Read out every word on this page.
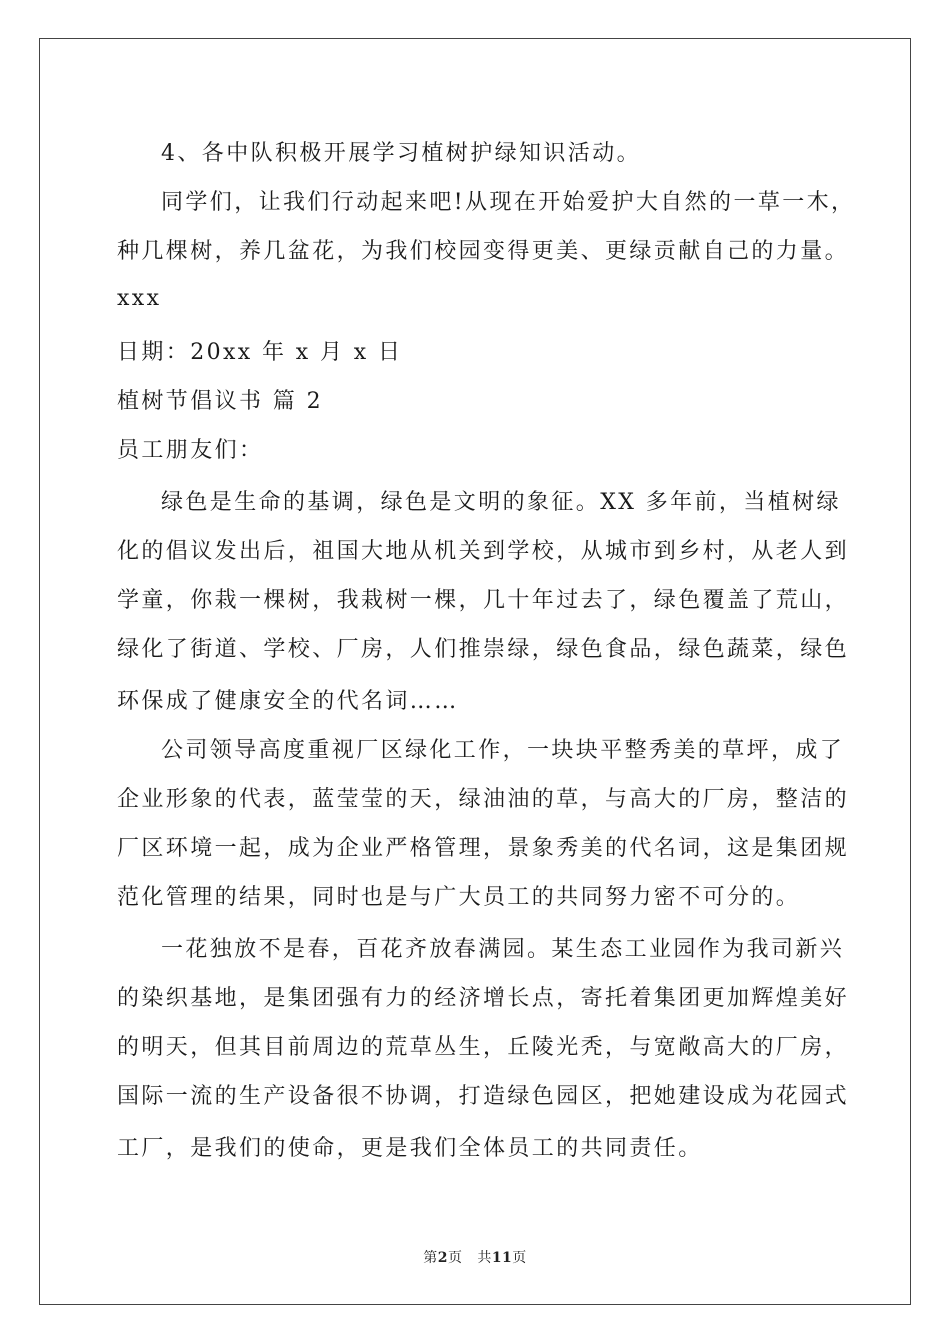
4、各中队积极开展学习植树护绿知识活动。
同学们，让我们行动起来吧!从现在开始爱护大自然的一草一木，
种几棵树，养几盆花，为我们校园变得更美、更绿贡献自己的力量。
xxx
日期：20xx 年 x 月 x 日
植树节倡议书 篇 2
员工朋友们：
绿色是生命的基调，绿色是文明的象征。XX 多年前，当植树绿
化的倡议发出后，祖国大地从机关到学校，从城市到乡村，从老人到
学童，你栽一棵树，我栽树一棵，几十年过去了，绿色覆盖了荒山，
绿化了街道、学校、厂房，人们推崇绿，绿色食品，绿色蔬菜，绿色
环保成了健康安全的代名词……
公司领导高度重视厂区绿化工作，一块块平整秀美的草坪，成了
企业形象的代表，蓝莹莹的天，绿油油的草，与高大的厂房，整洁的
厂区环境一起，成为企业严格管理，景象秀美的代名词，这是集团规
范化管理的结果，同时也是与广大员工的共同努力密不可分的。
一花独放不是春，百花齐放春满园。某生态工业园作为我司新兴
的染织基地，是集团强有力的经济增长点，寄托着集团更加辉煌美好
的明天，但其目前周边的荒草丛生，丘陵光秃，与宽敞高大的厂房，
国际一流的生产设备很不协调，打造绿色园区，把她建设成为花园式
工厂，是我们的使命，更是我们全体员工的共同责任。
第2页 共11页
